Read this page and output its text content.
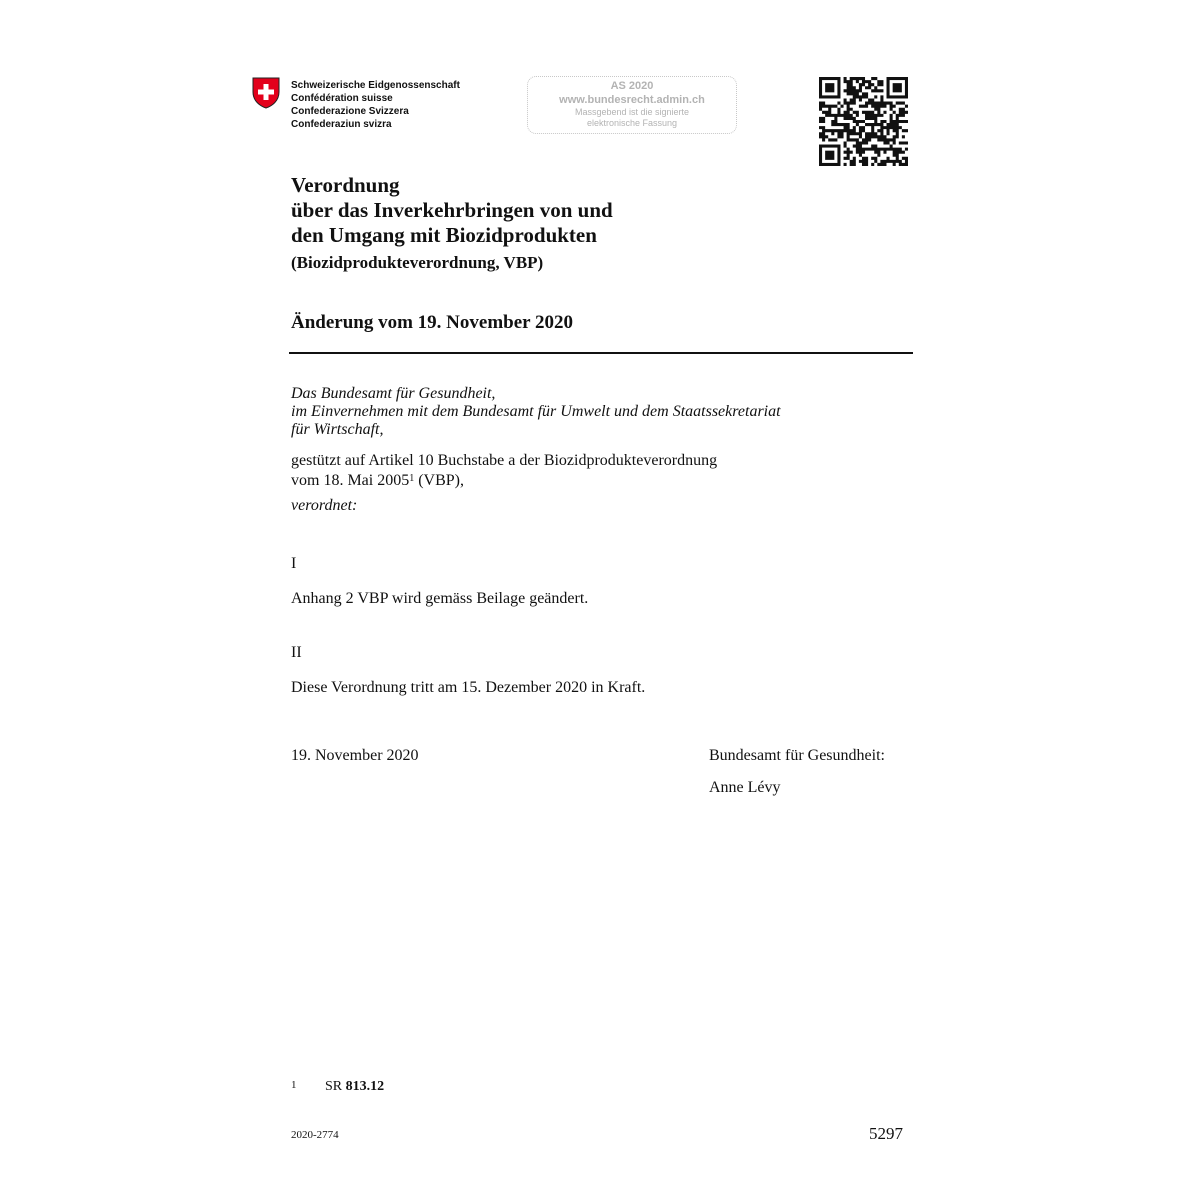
Schweizerische Eidgenossenschaft
Confédération suisse
Confederazione Svizzera
Confederaziun svizra
AS 2020
www.bundesrecht.admin.ch
Massgebend ist die signierte
elektronische Fassung
Verordnung
über das Inverkehrbringen von und
den Umgang mit Biozidprodukten
(Biozidprodukteverordnung, VBP)
Änderung vom 19. November 2020
Das Bundesamt für Gesundheit,
im Einvernehmen mit dem Bundesamt für Umwelt und dem Staatssekretariat
für Wirtschaft,
gestützt auf Artikel 10 Buchstabe a der Biozidprodukteverordnung
vom 18. Mai 2005$^1$ (VBP),
verordnet:
I
Anhang 2 VBP wird gemäss Beilage geändert.
II
Diese Verordnung tritt am 15. Dezember 2020 in Kraft.
19. November 2020	Bundesamt für Gesundheit:
Anne Lévy
1 SR 813.12
2020-2774	5297
